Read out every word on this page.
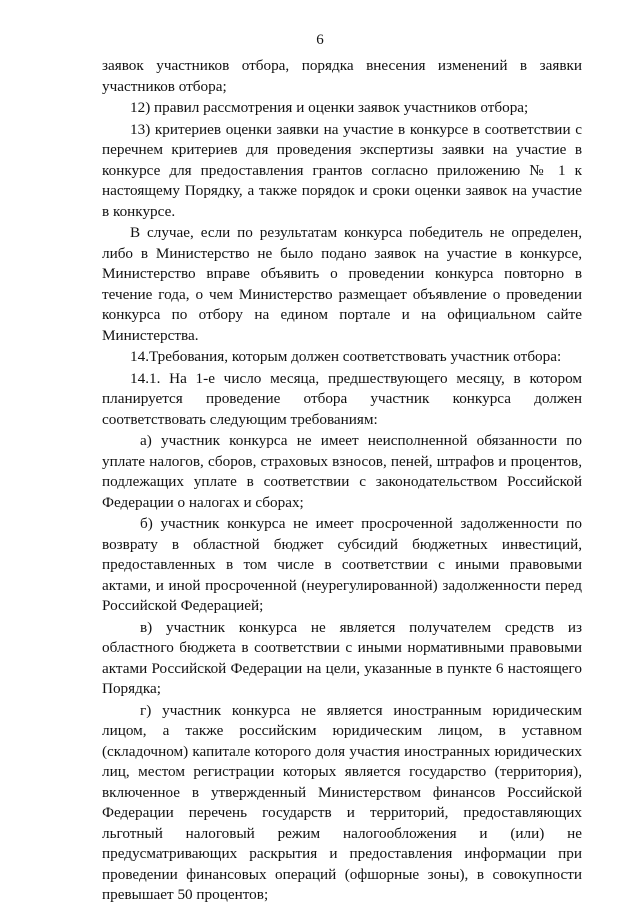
6

заявок участников отбора, порядка внесения изменений в заявки участников отбора;

12) правил рассмотрения и оценки заявок участников отбора;

13) критериев оценки заявки на участие в конкурсе в соответствии с перечнем критериев для проведения экспертизы заявки на участие в конкурсе для предоставления грантов согласно приложению № 1 к настоящему Порядку, а также порядок и сроки оценки заявок на участие в конкурсе.

В случае, если по результатам конкурса победитель не определен, либо в Министерство не было подано заявок на участие в конкурсе, Министерство вправе объявить о проведении конкурса повторно в течение года, о чем Министерство размещает объявление о проведении конкурса по отбору на едином портале и на официальном сайте Министерства.

14.Требования, которым должен соответствовать участник отбора:

14.1. На 1-е число месяца, предшествующего месяцу, в котором планируется проведение отбора участник конкурса должен соответствовать следующим требованиям:

а) участник конкурса не имеет неисполненной обязанности по уплате налогов, сборов, страховых взносов, пеней, штрафов и процентов, подлежащих уплате в соответствии с законодательством Российской Федерации о налогах и сборах;

б) участник конкурса не имеет просроченной задолженности по возврату в областной бюджет субсидий бюджетных инвестиций, предоставленных в том числе в соответствии с иными правовыми актами, и иной просроченной (неурегулированной) задолженности перед Российской Федерацией;

в) участник конкурса не является получателем средств из областного бюджета в соответствии с иными нормативными правовыми актами Российской Федерации на цели, указанные в пункте 6 настоящего Порядка;

г) участник конкурса не является иностранным юридическим лицом, а также российским юридическим лицом, в уставном (складочном) капитале которого доля участия иностранных юридических лиц, местом регистрации которых является государство (территория), включенное в утвержденный Министерством финансов Российской Федерации перечень государств и территорий, предоставляющих льготный налоговый режим налогообложения и (или) не предусматривающих раскрытия и предоставления информации при проведении финансовых операций (офшорные зоны), в совокупности превышает 50 процентов;
